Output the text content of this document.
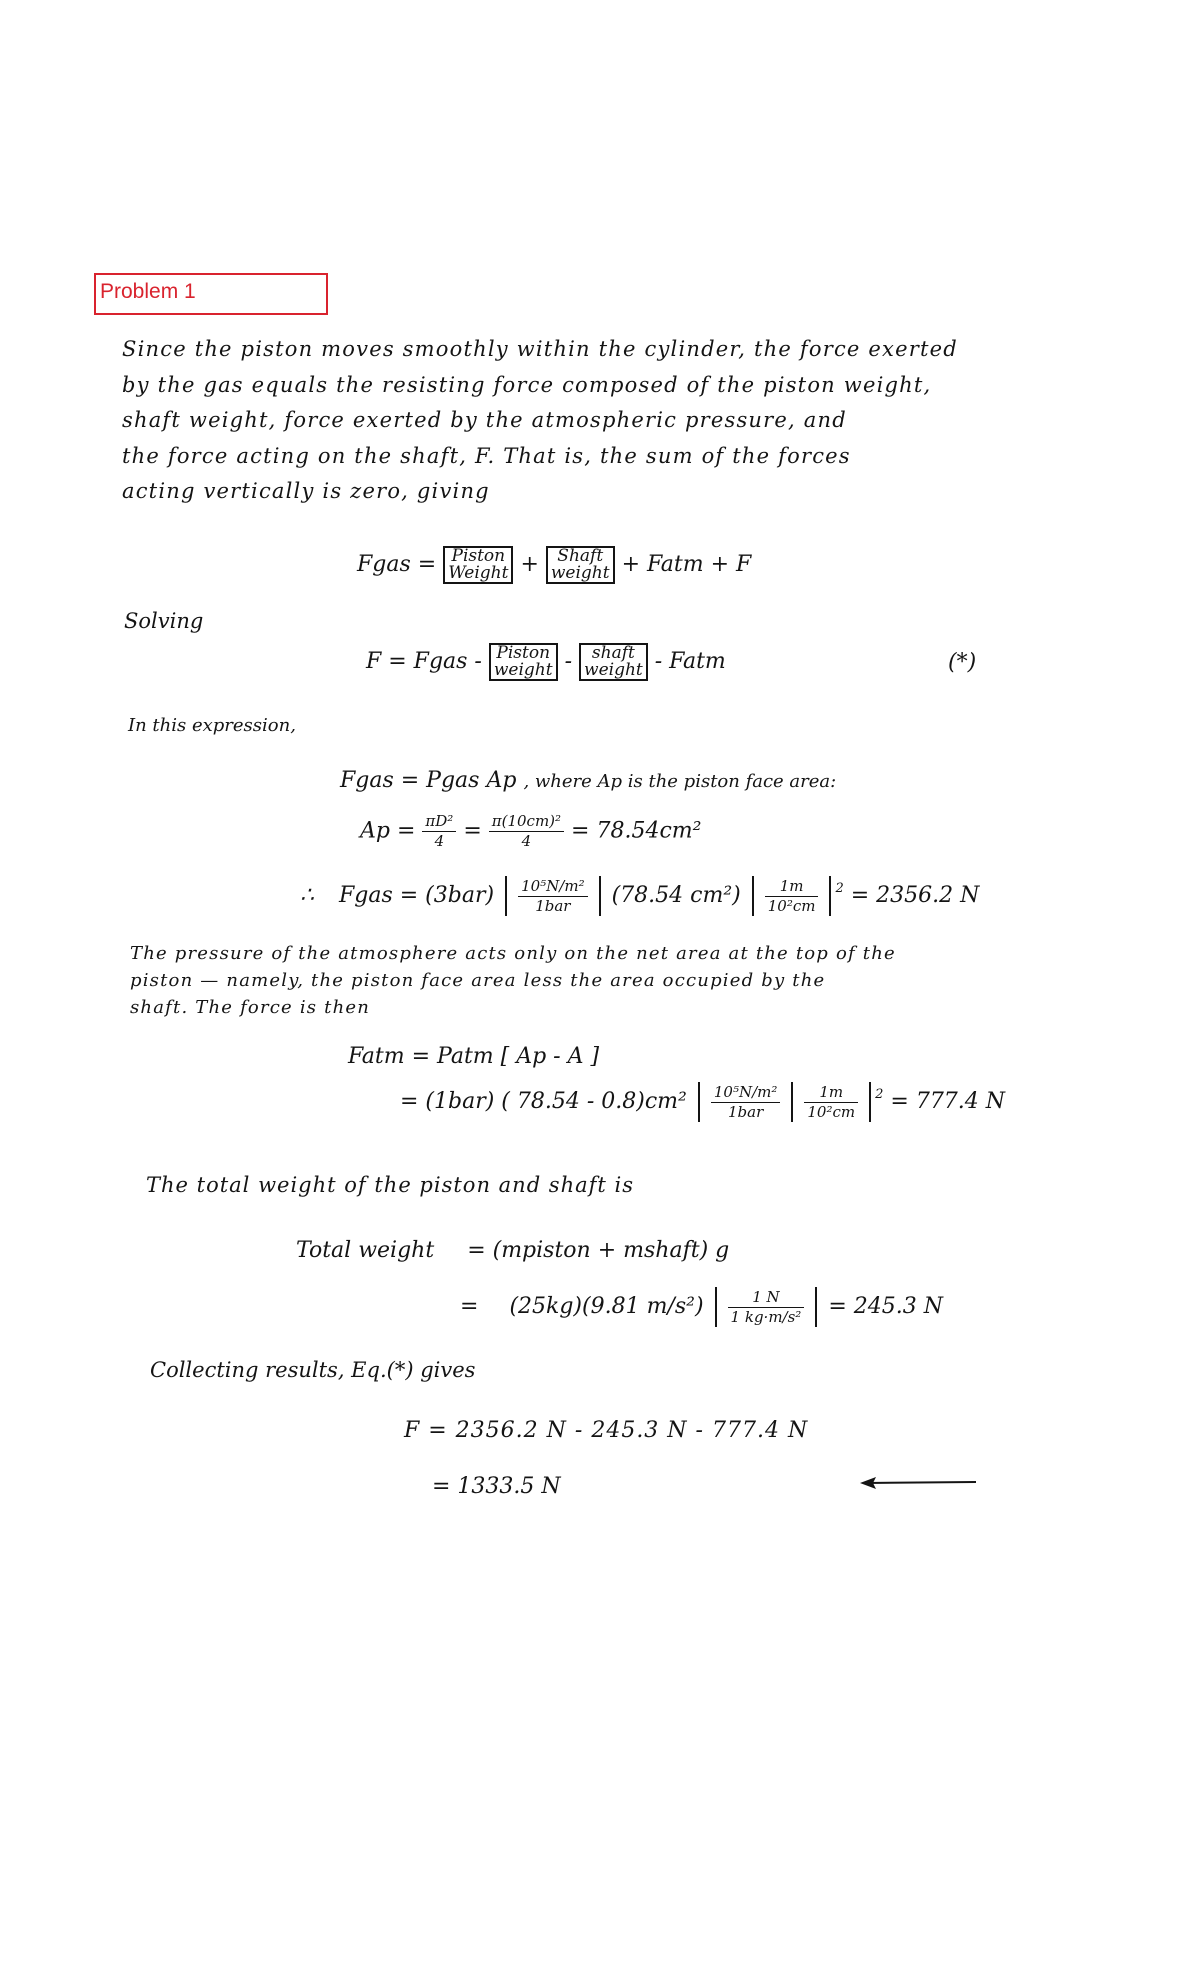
Problem 1
Since the piston moves smoothly within the cylinder, the force exerted
by the gas equals the resisting force composed of the piston weight,
shaft weight, force exerted by the atmospheric pressure, and
the force acting on the shaft, F. That is, the sum of the forces
acting vertically is zero, giving
Fgas = Piston
Weight +	Shaft
weight + Fatm + F
Solving
F = Fgas - Piston
weight -	shaft
weight - Fatm	(*)
In this expression,
Fgas = Pgas Ap , where Ap is the piston face area:
$Ap = \frac{\text{πD²}}{4} = \frac{\text{π(10cm)²}}{4} = 78.54cm^2$
∴ Fgas = $(3bar) \frac{\text{10⁵N/m²}}{\text{1bar}} (78.54$ $cm^2) \frac{1m}{\text{10²cm}} ^2 = 2356.2$ N
The pressure of the atmosphere acts only on the net area at the top of the
piston — namely, the piston face area less the area occupied by the
shaft. The force is then
Fatm = Patm [ Ap - A ]
= (1bar) ( $78.54 - 0.8)cm^2 \frac{\text{10⁵N/m²}}{\text{1bar}}$
$\frac{1m}{\text{10²cm}} ^2 = 777.4$ N
The total weight of the piston and shaft is
Total weight = (mpiston + mshaft) g
= (25kg)(9.81 $m/s^2) \frac{1 N}{\text{1 kg·m/s²}} = 245.3$ N
Collecting results, Eq.(*) gives
F = 2356.2 N - 245.3 N - 777.4 N
= 1333.5 N
